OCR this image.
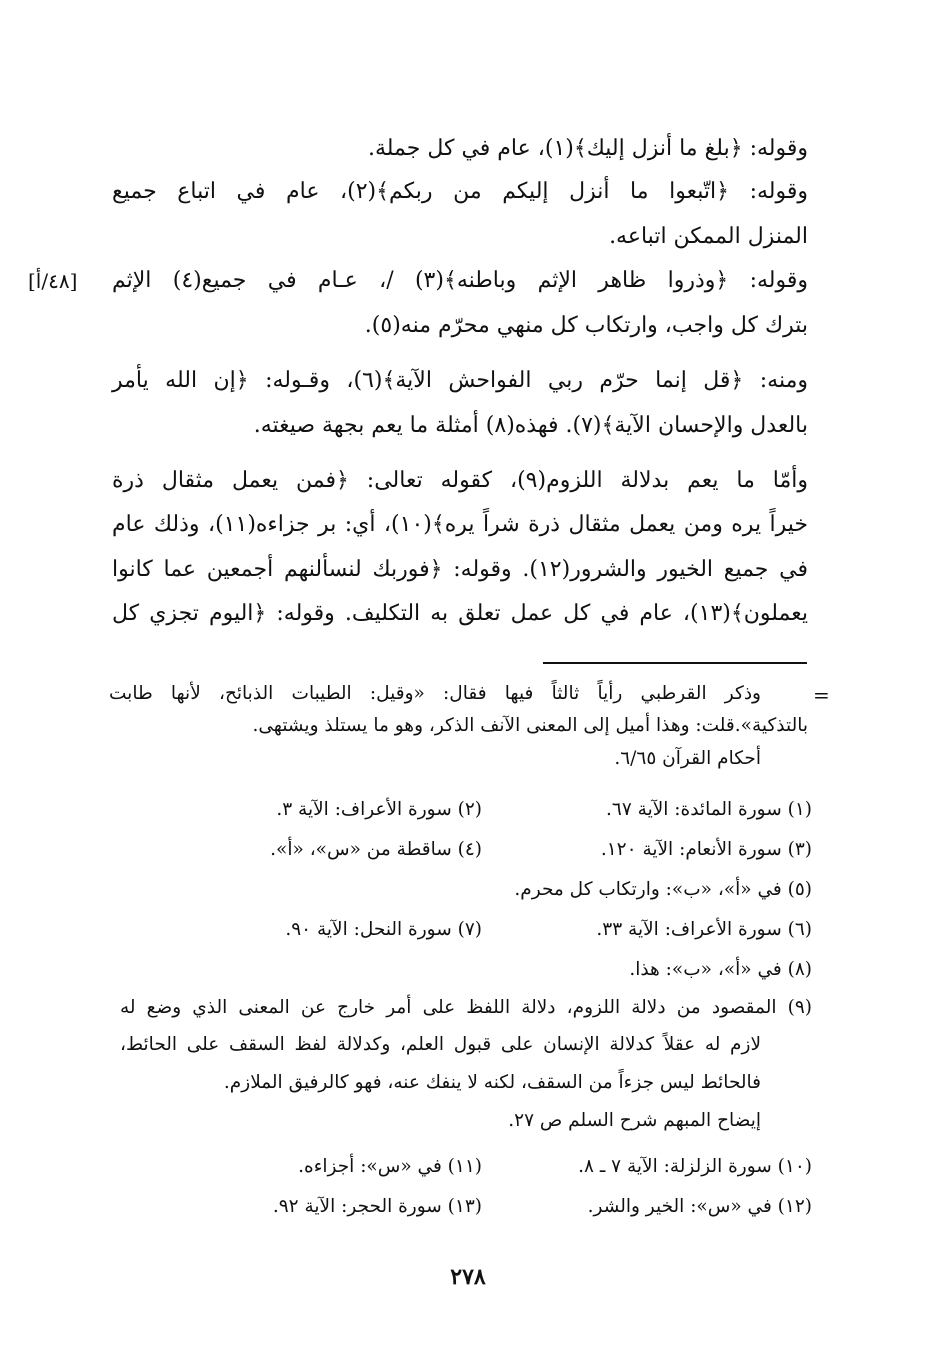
وقوله: ﴿بلغ ما أنزل إليك﴾(١)، عام في كل جملة.
وقوله: ﴿اتّبعوا ما أنزل إليكم من ربكم﴾(٢)، عام في اتباع جميع
المنزل الممكن اتباعه.
وقوله: ﴿وذروا ظاهر الإثم وباطنه﴾(٣) /، عـام في جميع(٤) الإثم
[٤٨/أ]
بترك كل واجب، وارتكاب كل منهي محرّم منه(٥).
ومنه: ﴿قل إنما حرّم ربي الفواحش الآية﴾(٦)، وقـوله: ﴿إن الله يأمر
بالعدل والإحسان الآية﴾(٧). فهذه(٨) أمثلة ما يعم بجهة صيغته.
وأمّا ما يعم بدلالة اللزوم(٩)، كقوله تعالى: ﴿فمن يعمل مثقال ذرة
خيراً يره ومن يعمل مثقال ذرة شراً يره﴾(١٠)، أي: بر جزاءه(١١)، وذلك عام
في جميع الخيور والشرور(١٢). وقوله: ﴿فوربك لنسألنهم أجمعين عما كانوا
يعملون﴾(١٣)، عام في كل عمل تعلق به التكليف. وقوله: ﴿اليوم تجزي كل
=
وذكر القرطبي رأياً ثالثاً فيها فقال: «وقيل: الطيبات الذبائح، لأنها طابت
بالتذكية».قلت: وهذا أميل إلى المعنى الآنف الذكر، وهو ما يستلذ ويشتهى.
أحكام القرآن ٦/٦٥.
(١) سورة المائدة: الآية ٦٧.
(٢) سورة الأعراف: الآية ٣.
(٣) سورة الأنعام: الآية ١٢٠.
(٤) ساقطة من «س»، «أ».
(٥) في «أ»، «ب»: وارتكاب كل محرم.
(٦) سورة الأعراف: الآية ٣٣.
(٧) سورة النحل: الآية ٩٠.
(٨) في «أ»، «ب»: هذا.
(٩) المقصود من دلالة اللزوم، دلالة اللفظ على أمر خارج عن المعنى الذي وضع له
لازم له عقلاً كدلالة الإنسان على قبول العلم، وكدلالة لفظ السقف على الحائط،
فالحائط ليس جزءاً من السقف، لكنه لا ينفك عنه، فهو كالرفيق الملازم.
إيضاح المبهم شرح السلم ص ٢٧.
(١٠) سورة الزلزلة: الآية ٧ ـ ٨.
(١١) في «س»: أجزاءه.
(١٢) في «س»: الخير والشر.
(١٣) سورة الحجر: الآية ٩٢.
٢٧٨
